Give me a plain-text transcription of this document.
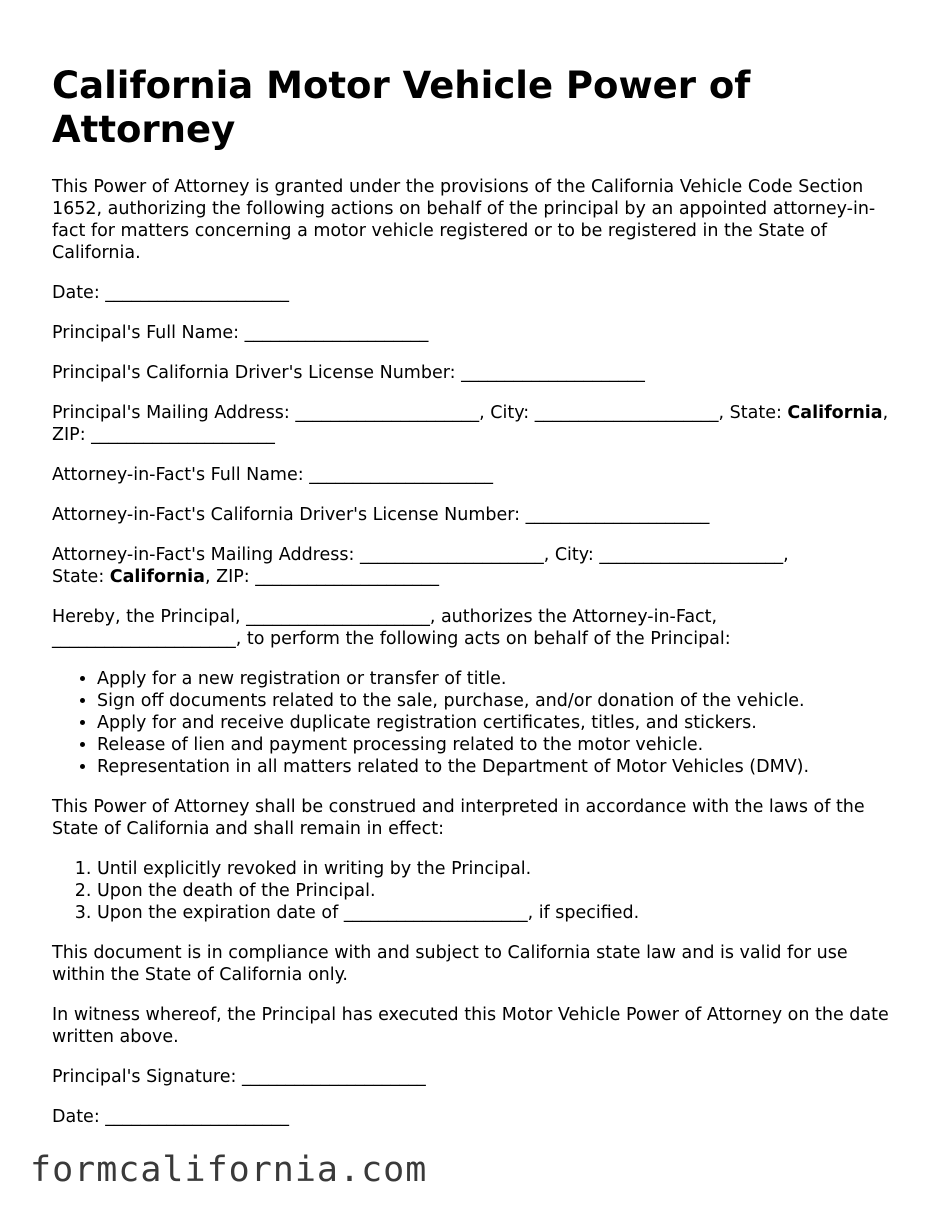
California Motor Vehicle Power of Attorney

This Power of Attorney is granted under the provisions of the California Vehicle Code Section 1652, authorizing the following actions on behalf of the principal by an appointed attorney-in-fact for matters concerning a motor vehicle registered or to be registered in the State of California.

Date: _____________________

Principal's Full Name: _____________________

Principal's California Driver's License Number: _____________________

Principal's Mailing Address: _____________________, City: _____________________, State: California, ZIP: _____________________

Attorney-in-Fact's Full Name: _____________________

Attorney-in-Fact's California Driver's License Number: _____________________

Attorney-in-Fact's Mailing Address: _____________________, City: _____________________,
State: California, ZIP: _____________________

Hereby, the Principal, _____________________, authorizes the Attorney-in-Fact,
_____________________, to perform the following acts on behalf of the Principal:

• Apply for a new registration or transfer of title.
• Sign off documents related to the sale, purchase, and/or donation of the vehicle.
• Apply for and receive duplicate registration certificates, titles, and stickers.
• Release of lien and payment processing related to the motor vehicle.
• Representation in all matters related to the Department of Motor Vehicles (DMV).

This Power of Attorney shall be construed and interpreted in accordance with the laws of the State of California and shall remain in effect:

1. Until explicitly revoked in writing by the Principal.
2. Upon the death of the Principal.
3. Upon the expiration date of _____________________, if specified.

This document is in compliance with and subject to California state law and is valid for use within the State of California only.

In witness whereof, the Principal has executed this Motor Vehicle Power of Attorney on the date written above.

Principal's Signature: _____________________

Date: _____________________

formcalifornia.com
